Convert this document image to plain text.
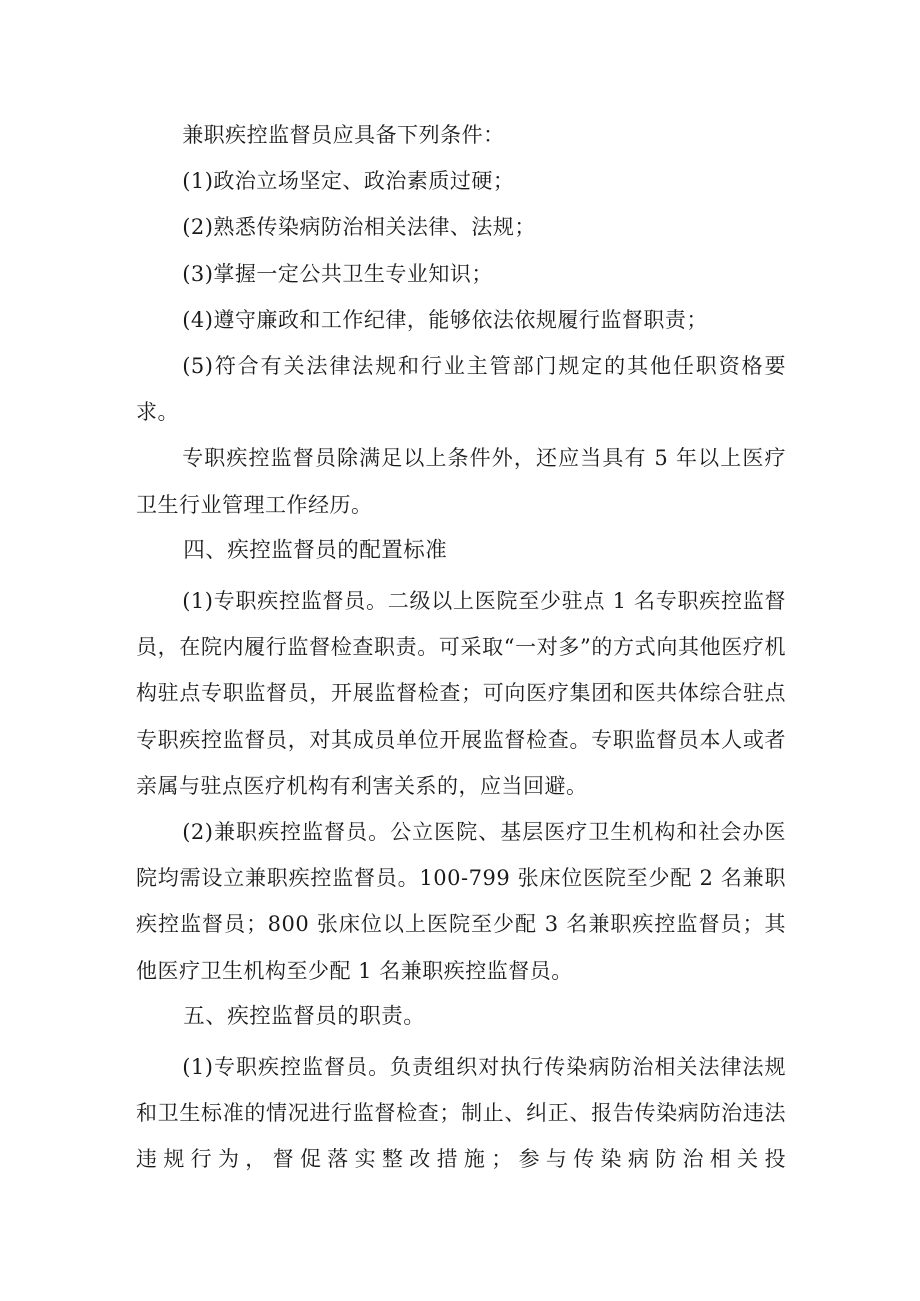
兼职疾控监督员应具备下列条件：

(1)政治立场坚定、政治素质过硬；

(2)熟悉传染病防治相关法律、法规；

(3)掌握一定公共卫生专业知识；

(4)遵守廉政和工作纪律，能够依法依规履行监督职责；

(5)符合有关法律法规和行业主管部门规定的其他任职资格要求。

专职疾控监督员除满足以上条件外，还应当具有 5 年以上医疗卫生行业管理工作经历。

四、疾控监督员的配置标准

(1)专职疾控监督员。二级以上医院至少驻点 1 名专职疾控监督员，在院内履行监督检查职责。可采取“一对多”的方式向其他医疗机构驻点专职监督员，开展监督检查；可向医疗集团和医共体综合驻点专职疾控监督员，对其成员单位开展监督检查。专职监督员本人或者亲属与驻点医疗机构有利害关系的，应当回避。

(2)兼职疾控监督员。公立医院、基层医疗卫生机构和社会办医院均需设立兼职疾控监督员。100-799 张床位医院至少配 2 名兼职疾控监督员；800 张床位以上医院至少配 3 名兼职疾控监督员；其他医疗卫生机构至少配 1 名兼职疾控监督员。

五、疾控监督员的职责。

(1)专职疾控监督员。负责组织对执行传染病防治相关法律法规和卫生标准的情况进行监督检查；制止、纠正、报告传染病防治违法违规行为，督促落实整改措施；参与传染病防治相关投
